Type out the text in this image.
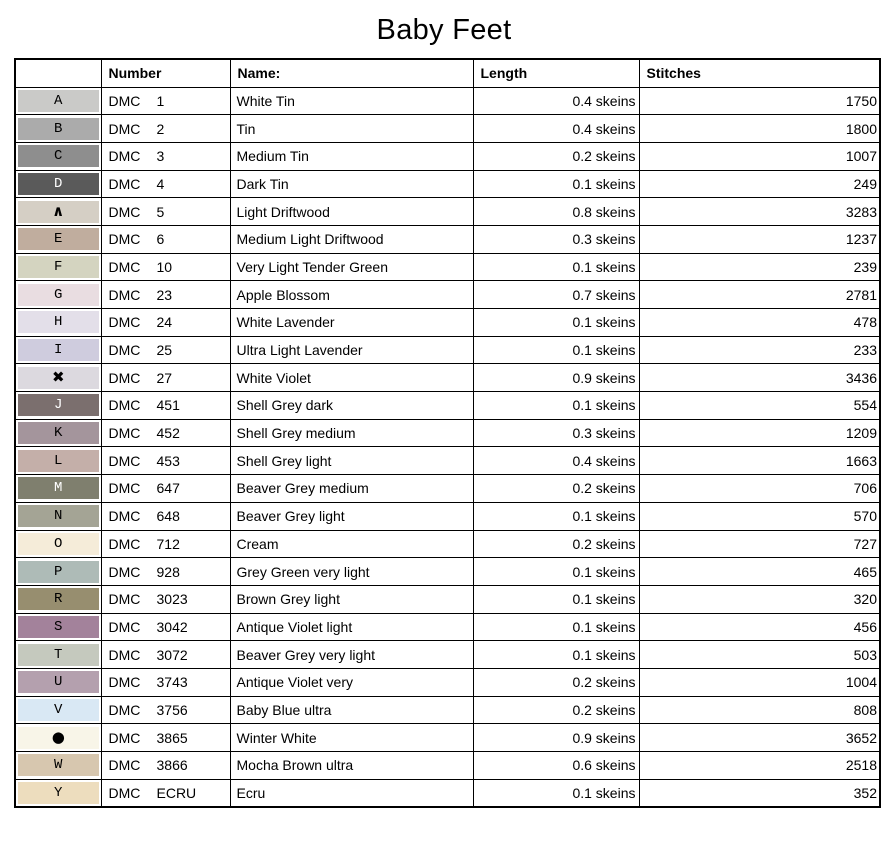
Baby Feet
	Number	Name:	Length	Stitches

A	DMC 1	White Tin	0.4 skeins	1750

B	DMC 2	Tin	0.4 skeins	1800

C	DMC 3	Medium Tin	0.2 skeins	1007

D	DMC 4	Dark Tin	0.1 skeins	249

∧	DMC 5	Light Driftwood	0.8 skeins	3283

E	DMC 6	Medium Light Driftwood	0.3 skeins	1237

F	DMC 10	Very Light Tender Green	0.1 skeins	239

G	DMC 23	Apple Blossom	0.7 skeins	2781

H	DMC 24	White Lavender	0.1 skeins	478

I	DMC 25	Ultra Light Lavender	0.1 skeins	233

✖	DMC 27	White Violet	0.9 skeins	3436

J	DMC 451	Shell Grey dark	0.1 skeins	554

K	DMC 452	Shell Grey medium	0.3 skeins	1209

L	DMC 453	Shell Grey light	0.4 skeins	1663

M	DMC 647	Beaver Grey medium	0.2 skeins	706

N	DMC 648	Beaver Grey light	0.1 skeins	570

O	DMC 712	Cream	0.2 skeins	727

P	DMC 928	Grey Green very light	0.1 skeins	465

R	DMC 3023	Brown Grey light	0.1 skeins	320

S	DMC 3042	Antique Violet light	0.1 skeins	456

T	DMC 3072	Beaver Grey very light	0.1 skeins	503

U	DMC 3743	Antique Violet very	0.2 skeins	1004

V	DMC 3756	Baby Blue ultra	0.2 skeins	808

●	DMC 3865	Winter White	0.9 skeins	3652

W	DMC 3866	Mocha Brown ultra	0.6 skeins	2518

Y	DMC ECRU	Ecru	0.1 skeins	352
